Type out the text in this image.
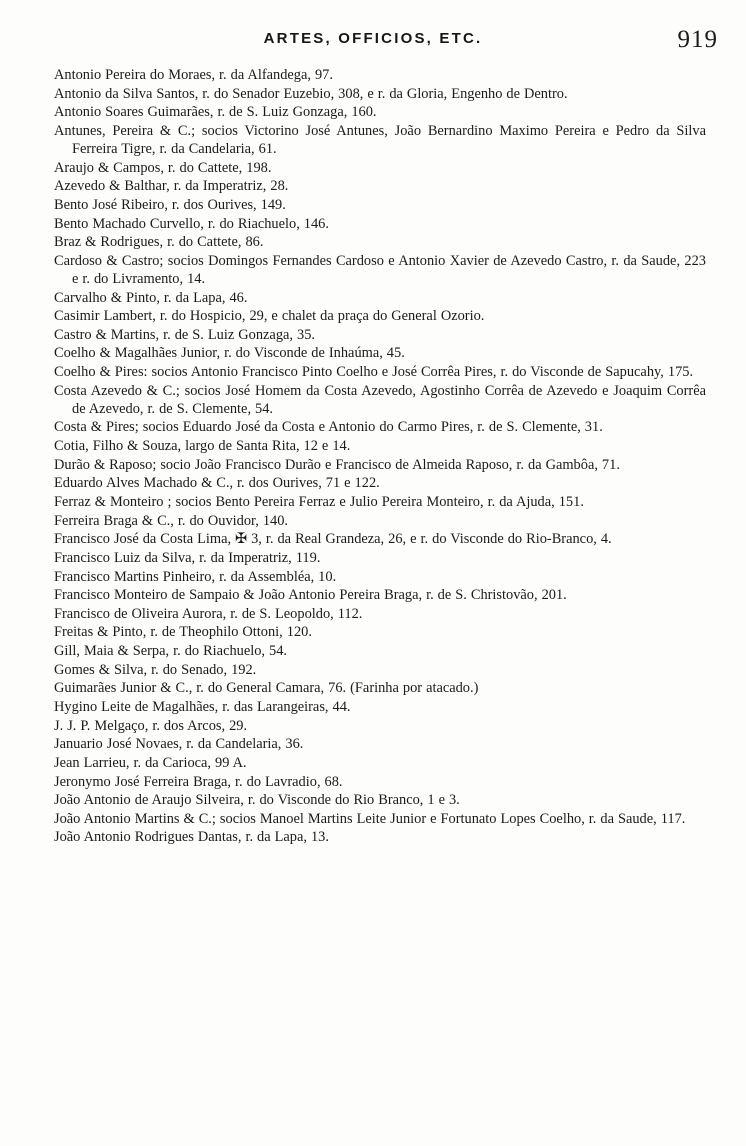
ARTES, OFFICIOS, ETC.	919

Antonio Pereira do Moraes, r. da Alfandega, 97.

Antonio da Silva Santos, r. do Senador Euzebio, 308, e r. da Gloria, Engenho de Dentro.

Antonio Soares Guimarães, r. de S. Luiz Gonzaga, 160.

Antunes, Pereira & C.; socios Victorino José Antunes, João Bernardino Maximo Pereira e Pedro da Silva Ferreira Tigre, r. da Candelaria, 61.

Araujo & Campos, r. do Cattete, 198.

Azevedo & Balthar, r. da Imperatriz, 28.

Bento José Ribeiro, r. dos Ourives, 149.

Bento Machado Curvello, r. do Riachuelo, 146.

Braz & Rodrigues, r. do Cattete, 86.

Cardoso & Castro; socios Domingos Fernandes Cardoso e Antonio Xavier de Azevedo Castro, r. da Saude, 223 e r. do Livramento, 14.

Carvalho & Pinto, r. da Lapa, 46.

Casimir Lambert, r. do Hospicio, 29, e chalet da praça do General Ozorio.

Castro & Martins, r. de S. Luiz Gonzaga, 35.

Coelho & Magalhães Junior, r. do Visconde de Inhaúma, 45.

Coelho & Pires: socios Antonio Francisco Pinto Coelho e José Corrêa Pires, r. do Visconde de Sapucahy, 175.

Costa Azevedo & C.; socios José Homem da Costa Azevedo, Agostinho Corrêa de Azevedo e Joaquim Corrêa de Azevedo, r. de S. Clemente, 54.

Costa & Pires; socios Eduardo José da Costa e Antonio do Carmo Pires, r. de S. Clemente, 31.

Cotia, Filho & Souza, largo de Santa Rita, 12 e 14.

Durão & Raposo; socio João Francisco Durão e Francisco de Almeida Raposo, r. da Gambôa, 71.

Eduardo Alves Machado & C., r. dos Ourives, 71 e 122.

Ferraz & Monteiro ; socios Bento Pereira Ferraz e Julio Pereira Monteiro, r. da Ajuda, 151.

Ferreira Braga & C., r. do Ouvidor, 140.

Francisco José da Costa Lima, ✠ 3, r. da Real Grandeza, 26, e r. do Visconde do Rio-Branco, 4.

Francisco Luiz da Silva, r. da Imperatriz, 119.

Francisco Martins Pinheiro, r. da Assembléa, 10.

Francisco Monteiro de Sampaio & João Antonio Pereira Braga, r. de S. Christovão, 201.

Francisco de Oliveira Aurora, r. de S. Leopoldo, 112.

Freitas & Pinto, r. de Theophilo Ottoni, 120.

Gill, Maia & Serpa, r. do Riachuelo, 54.

Gomes & Silva, r. do Senado, 192.

Guimarães Junior & C., r. do General Camara, 76. (Farinha por atacado.)

Hygino Leite de Magalhães, r. das Larangeiras, 44.

J. J. P. Melgaço, r. dos Arcos, 29.

Januario José Novaes, r. da Candelaria, 36.

Jean Larrieu, r. da Carioca, 99 A.

Jeronymo José Ferreira Braga, r. do Lavradio, 68.

João Antonio de Araujo Silveira, r. do Visconde do Rio Branco, 1 e 3.

João Antonio Martins & C.; socios Manoel Martins Leite Junior e Fortunato Lopes Coelho, r. da Saude, 117.

João Antonio Rodrigues Dantas, r. da Lapa, 13.
